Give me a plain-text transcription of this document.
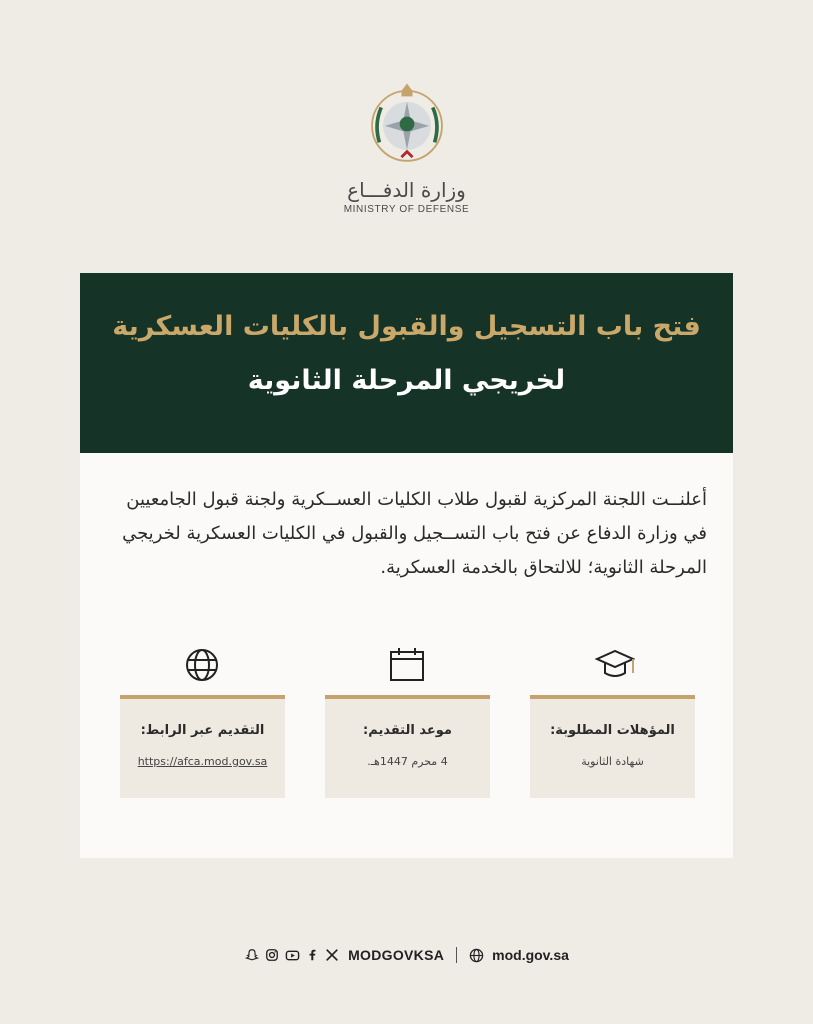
وزارة الدفـــاع
MINISTRY OF DEFENSE
فتح باب التسجيل والقبول بالكليات العسكرية
لخريجي المرحلة الثانوية
أعلنــت اللجنة المركزية لقبول طلاب الكليات العســكرية ولجنة قبول الجامعيين
في وزارة الدفاع عن فتح باب التســجيل والقبول في الكليات العسكرية لخريجي
المرحلة الثانوية؛ للالتحاق بالخدمة العسكرية.
التقديم عبر الرابط:
https://afca.mod.gov.sa
موعد التقديم:
4 محرم 1447هـ.
المؤهلات المطلوبة:
شهادة الثانوية
MODGOVKSA	mod.gov.sa
